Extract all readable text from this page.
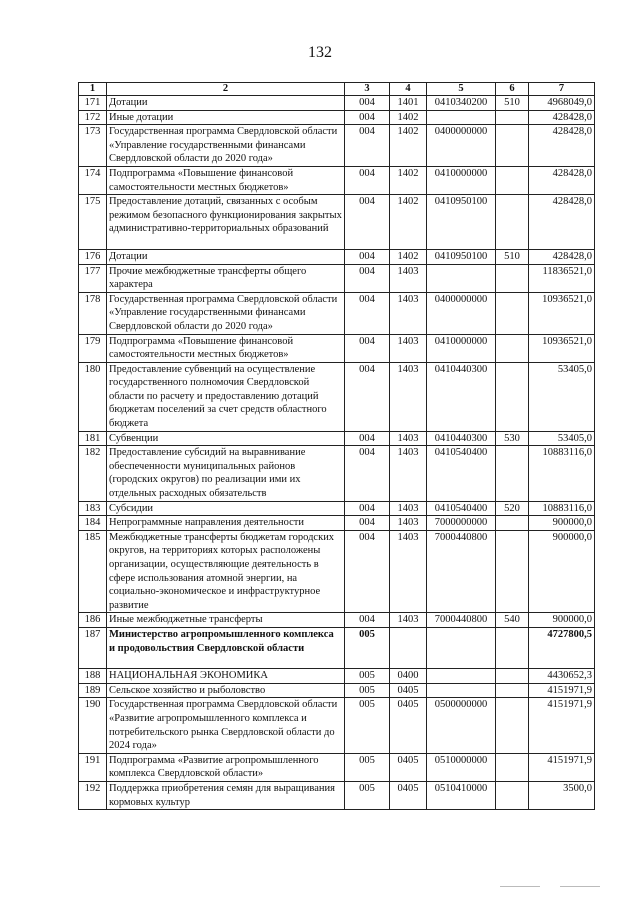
132
1	2	3	4	5	6	7
171	Дотации	004	1401	0410340200	510	4968049,0
172	Иные дотации	004	1402			428428,0
173	Государственная программа Свердловской области «Управление государственными финансами Свердловской области до 2020 года»	004	1402	0400000000		428428,0
174	Подпрограмма «Повышение финансовой самостоятельности местных бюджетов»	004	1402	0410000000		428428,0
175	Предоставление дотаций, связанных с особым режимом безопасного функционирования закрытых административно-территориальных образований	004	1402	0410950100		428428,0
176	Дотации	004	1402	0410950100	510	428428,0
177	Прочие межбюджетные трансферты общего характера	004	1403			11836521,0
178	Государственная программа Свердловской области «Управление государственными финансами Свердловской области до 2020 года»	004	1403	0400000000		10936521,0
179	Подпрограмма «Повышение финансовой самостоятельности местных бюджетов»	004	1403	0410000000		10936521,0
180	Предоставление субвенций на осуществление государственного полномочия Свердловской области по расчету и предоставлению дотаций бюджетам поселений за счет средств областного бюджета	004	1403	0410440300		53405,0
181	Субвенции	004	1403	0410440300	530	53405,0
182	Предоставление субсидий на выравнивание обеспеченности муниципальных районов (городских округов) по реализации ими их отдельных расходных обязательств	004	1403	0410540400		10883116,0
183	Субсидии	004	1403	0410540400	520	10883116,0
184	Непрограммные направления деятельности	004	1403	7000000000		900000,0
185	Межбюджетные трансферты бюджетам городских округов, на территориях которых расположены организации, осуществляющие деятельность в сфере использования атомной энергии, на социально-экономическое и инфраструктурное развитие	004	1403	7000440800		900000,0
186	Иные межбюджетные трансферты	004	1403	7000440800	540	900000,0
187	Министерство агропромышленного комплекса и продовольствия Свердловской области	005				4727800,5
188	НАЦИОНАЛЬНАЯ ЭКОНОМИКА	005	0400			4430652,3
189	Сельское хозяйство и рыболовство	005	0405			4151971,9
190	Государственная программа Свердловской области «Развитие агропромышленного комплекса и потребительского рынка Свердловской области до 2024 года»	005	0405	0500000000		4151971,9
191	Подпрограмма «Развитие агропромышленного комплекса Свердловской области»	005	0405	0510000000		4151971,9
192	Поддержка приобретения семян для выращивания кормовых культур	005	0405	0510410000		3500,0
